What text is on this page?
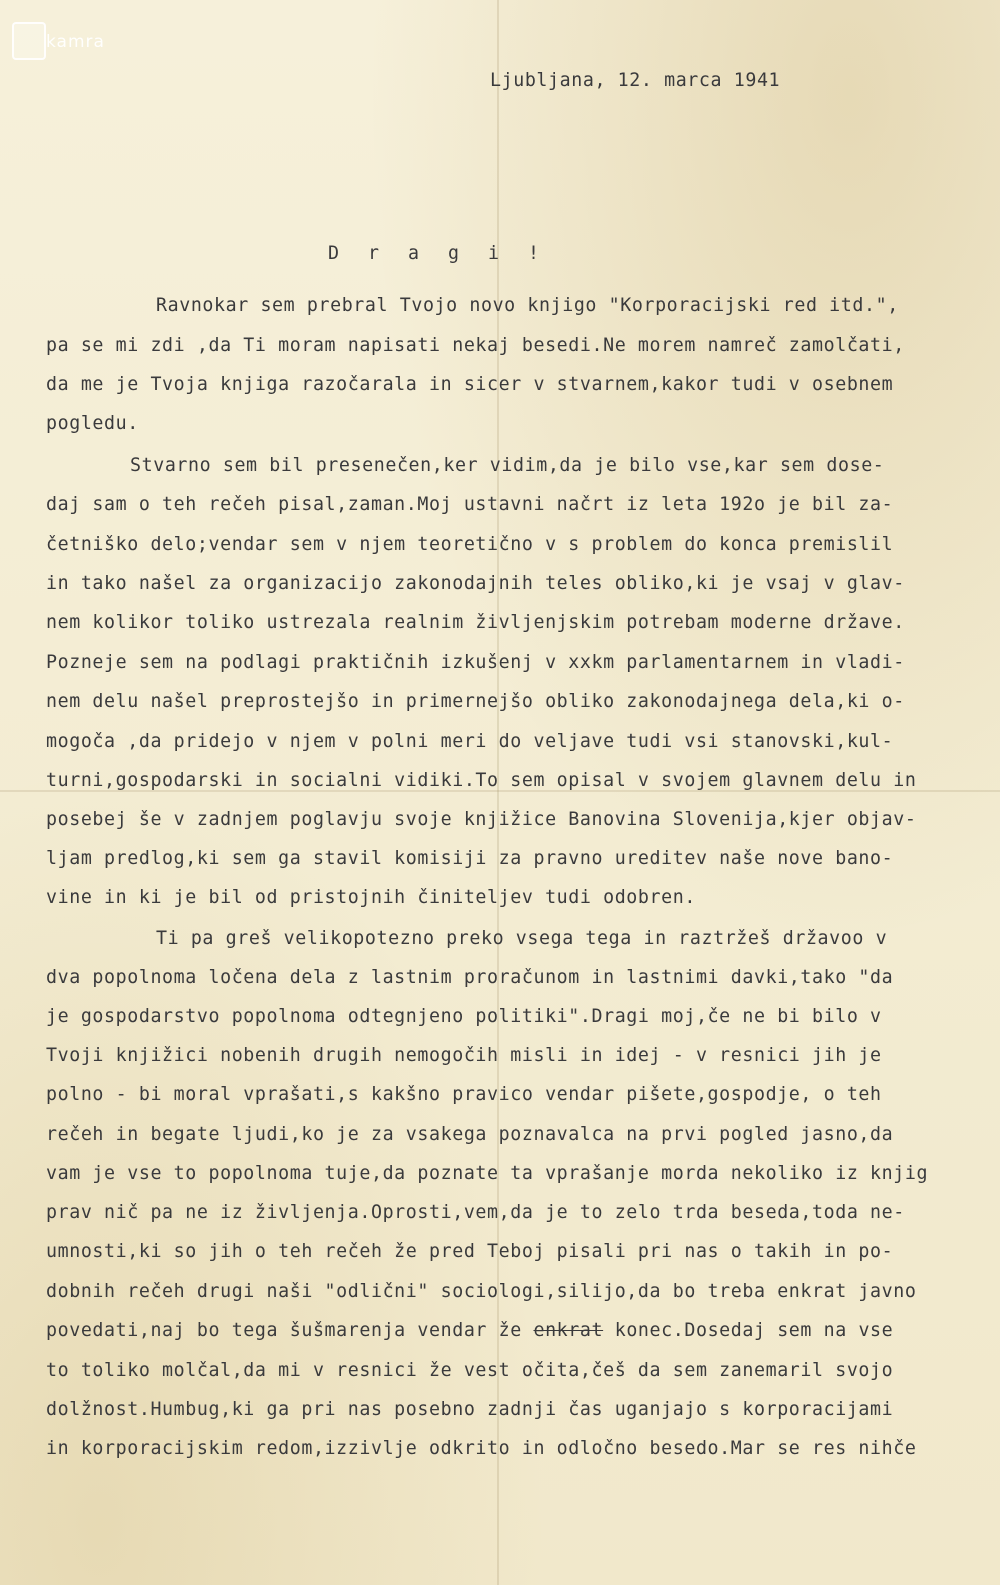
kamra
Ljubljana, 12. marca 1941
D r a g i !
Ravnokar sem prebral Tvojo novo knjigo "Korporacijski red itd.",
pa se mi zdi ,da Ti moram napisati nekaj besedi.Ne morem namreč zamolčati,
da me je Tvoja knjiga razočarala in sicer v stvarnem,kakor tudi v osebnem
pogledu.
Stvarno sem bil presenečen,ker vidim,da je bilo vse,kar sem dose-
daj sam o teh rečeh pisal,zaman.Moj ustavni načrt iz leta 192o je bil za-
četniško delo;vendar sem v njem teoretično v s problem do konca premislil
in tako našel za organizacijo zakonodajnih teles obliko,ki je vsaj v glav-
nem kolikor toliko ustrezala realnim življenjskim potrebam moderne države.
Pozneje sem na podlagi praktičnih izkušenj v xxkm parlamentarnem in vladi-
nem delu našel preprostejšo in primernejšo obliko zakonodajnega dela,ki o-
mogoča ,da pridejo v njem v polni meri do veljave tudi vsi stanovski,kul-
turni,gospodarski in socialni vidiki.To sem opisal v svojem glavnem delu in
posebej še v zadnjem poglavju svoje knjižice Banovina Slovenija,kjer objav-
ljam predlog,ki sem ga stavil komisiji za pravno ureditev naše nove bano-
vine in ki je bil od pristojnih činiteljev tudi odobren.
Ti pa greš velikopotezno preko vsega tega in raztržeš državoo v
dva popolnoma ločena dela z lastnim proračunom in lastnimi davki,tako "da
je gospodarstvo popolnoma odtegnjeno politiki".Dragi moj,če ne bi bilo v
Tvoji knjižici nobenih drugih nemogočih misli in idej - v resnici jih je
polno - bi moral vprašati,s kakšno pravico vendar pišete,gospodje, o teh
rečeh in begate ljudi,ko je za vsakega poznavalca na prvi pogled jasno,da
vam je vse to popolnoma tuje,da poznate ta vprašanje morda nekoliko iz knjig
prav nič pa ne iz življenja.Oprosti,vem,da je to zelo trda beseda,toda ne-
umnosti,ki so jih o teh rečeh že pred Teboj pisali pri nas o takih in po-
dobnih rečeh drugi naši "odlični" sociologi,silijo,da bo treba enkrat javno
povedati,naj bo tega šušmarenja vendar že enkrat konec.Dosedaj sem na vse
to toliko molčal,da mi v resnici že vest očita,češ da sem zanemaril svojo
dolžnost.Humbug,ki ga pri nas posebno zadnji čas uganjajo s korporacijami
in korporacijskim redom,izzivlje odkrito in odločno besedo.Mar se res nihče
